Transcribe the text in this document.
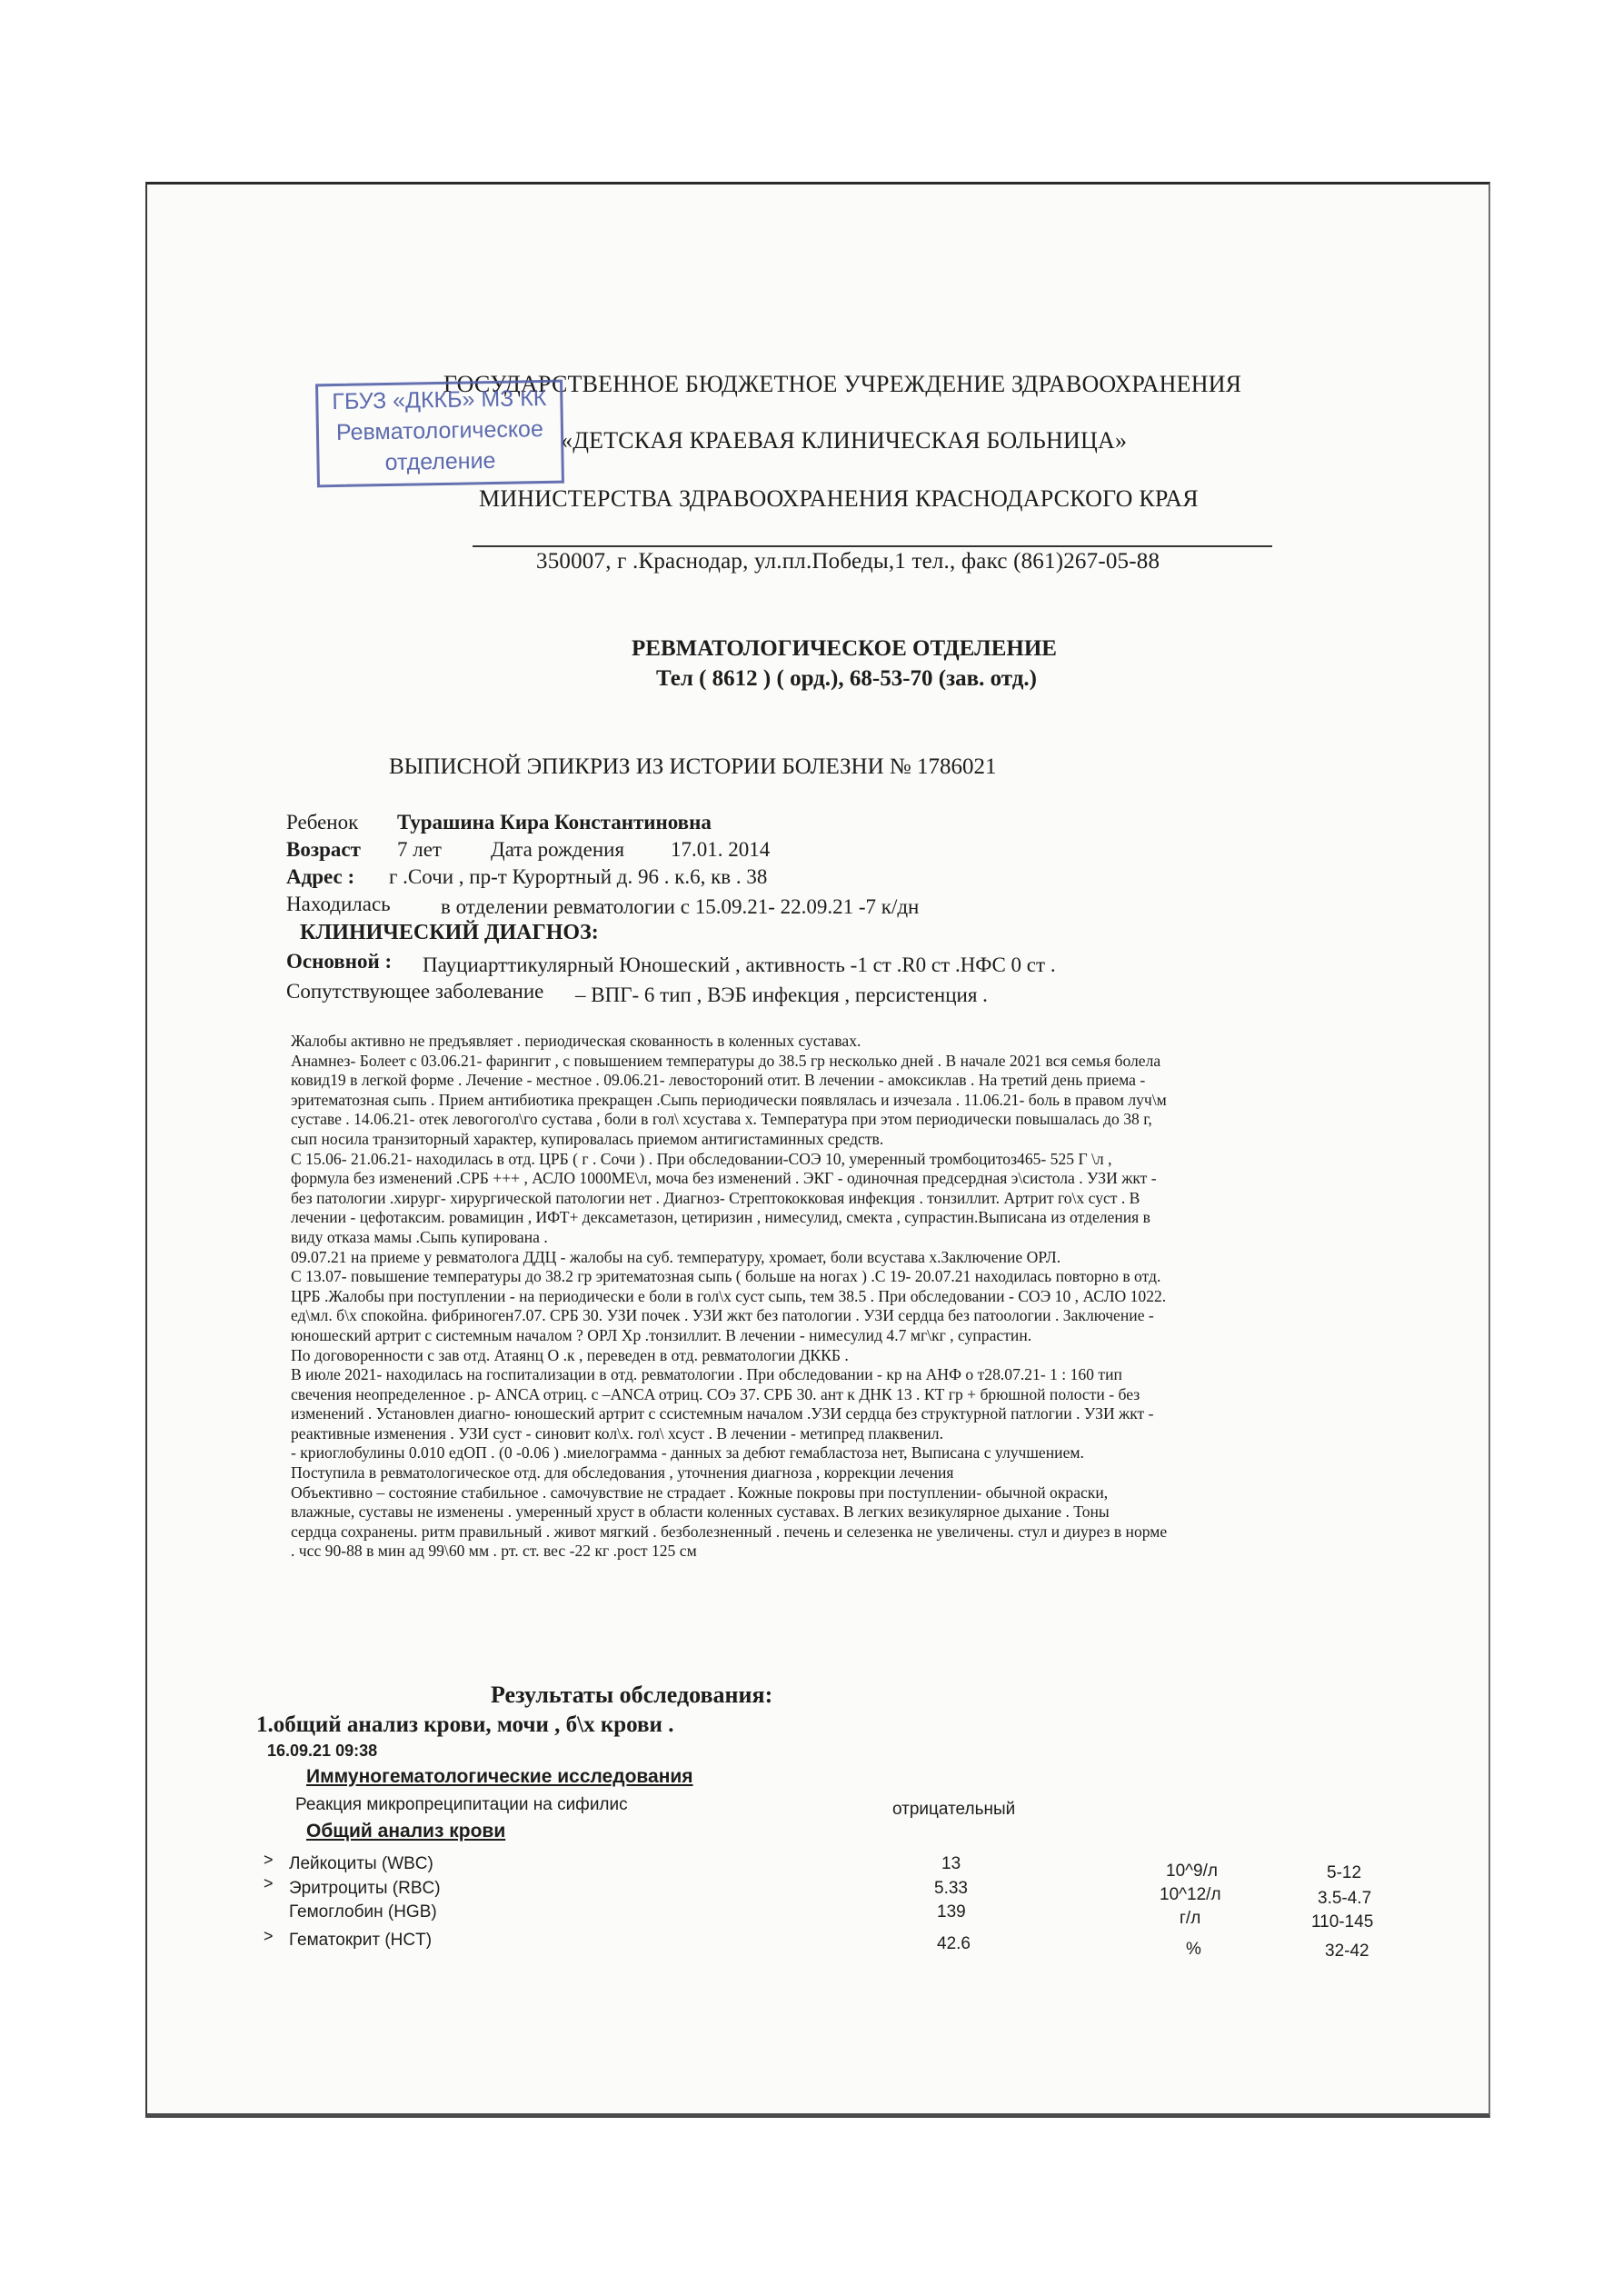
ГОСУДАРСТВЕННОЕ БЮДЖЕТНОЕ УЧРЕЖДЕНИЕ ЗДРАВООХРАНЕНИЯ
«ДЕТСКАЯ КРАЕВАЯ КЛИНИЧЕСКАЯ БОЛЬНИЦА»
МИНИСТЕРСТВА ЗДРАВООХРАНЕНИЯ КРАСНОДАРСКОГО КРАЯ
350007, г .Краснодар, ул.пл.Победы,1 тел., факс (861)267-05-88
ГБУЗ «ДККБ» МЗ КК
Ревматологическое
отделение
РЕВМАТОЛОГИЧЕСКОЕ ОТДЕЛЕНИЕ
Тел ( 8612 ) ( орд.), 68-53-70 (зав. отд.)
ВЫПИСНОЙ ЭПИКРИЗ ИЗ ИСТОРИИ БОЛЕЗНИ № 1786021
Ребенок Турашина Кира Константиновна
Возраст 7 лет Дата рождения 17.01. 2014
Адрес : г .Сочи , пр-т Курортный д. 96 . к.6, кв . 38
Находилась в отделении ревматологии с 15.09.21- 22.09.21 -7 к/дн
КЛИНИЧЕСКИЙ ДИАГНОЗ:
Основной : Пауциарттикулярный Юношеский , активность -1 ст .R0 ст .НФС 0 ст .
Сопутствующее заболевание – ВПГ- 6 тип , ВЭБ инфекция , персистенция .
Жалобы активно не предъявляет . периодическая скованность в коленных суставах.
Анамнез- Болеет с 03.06.21- фарингит , с повышением температуры до 38.5 гр несколько дней . В начале 2021 вся семья болела
ковид19 в легкой форме . Лечение - местное . 09.06.21- левостороний отит. В лечении - амоксиклав . На третий день приема -
эритематозная сыпь . Прием антибиотика прекращен .Сыпь периодически появлялась и изчезала . 11.06.21- боль в правом луч\м
суставе . 14.06.21- отек левогогол\го сустава , боли в гол\ хсустава х. Температура при этом периодически повышалась до 38 г,
сып носила транзиторный характер, купировалась приемом антигистаминных средств.
С 15.06- 21.06.21- находилась в отд. ЦРБ ( г . Сочи ) . При обследовании-СОЭ 10, умеренный тромбоцитоз465- 525 Г \л ,
формула без изменений .СРБ +++ , АСЛО 1000МЕ\л, моча без изменений . ЭКГ - одиночная предсердная э\систола . УЗИ жкт -
без патологии .хирург- хирургической патологии нет . Диагноз- Стрептококковая инфекция . тонзиллит. Артрит го\х суст . В
лечении - цефотаксим. ровамицин , ИФТ+ дексаметазон, цетиризин , нимесулид, смекта , супрастин.Выписана из отделения в
виду отказа мамы .Сыпь купирована .
09.07.21 на приеме у ревматолога ДДЦ - жалобы на суб. температуру, хромает, боли всустава х.Заключение ОРЛ.
С 13.07- повышение температуры до 38.2 гр эритематозная сыпь ( больше на ногах ) .С 19- 20.07.21 находилась повторно в отд.
ЦРБ .Жалобы при поступлении - на периодически е боли в гол\х суст сыпь, тем 38.5 . При обследовании - СОЭ 10 , АСЛО 1022.
ед\мл. б\х спокойна. фибриноген7.07. СРБ 30. УЗИ почек . УЗИ жкт без патологии . УЗИ сердца без патоологии . Заключение -
юношеский артрит с системным началом ? ОРЛ Хр .тонзиллит. В лечении - нимесулид 4.7 мг\кг , супрастин.
По договоренности с зав отд. Атаянц О .к , переведен в отд. ревматологии ДККБ .
В июле 2021- находилась на госпитализации в отд. ревматологии . При обследовании - кр на АНФ о т28.07.21- 1 : 160 тип
свечения неопределенное . р- ANCA отриц. с –ANCA отриц. СОэ 37. СРБ 30. ант к ДНК 13 . КТ гр + брюшной полости - без
изменений . Установлен диагно- юношеский артрит с ссистемным началом .УЗИ сердца без структурной патлогии . УЗИ жкт -
реактивные изменения . УЗИ суст - синовит кол\х. гол\ хсуст . В лечении - метипред плаквенил.
- криоглобулины 0.010 едОП . (0 -0.06 ) .миелограмма - данных за дебют гемабластоза нет, Выписана с улучшением.
Поступила в ревматологическое отд. для обследования , уточнения диагноза , коррекции лечения
Объективно – состояние стабильное . самочувствие не страдает . Кожные покровы при поступлении- обычной окраски,
влажные, суставы не изменены . умеренный хруст в области коленных суставах. В легких везикулярное дыхание . Тоны
сердца сохранены. ритм правильный . живот мягкий . безболезненный . печень и селезенка не увеличены. стул и диурез в норме
. чсс 90-88 в мин ад 99\60 мм . рт. ст. вес -22 кг .рост 125 см
Результаты обследования:
1.общий анализ крови, мочи , б\х крови .
16.09.21 09:38
Иммуногематологические исследования
Реакция микропреципитации на сифилис	отрицательный
Общий анализ крови
> Лейкоциты (WBC)	13	10^9/л	5-12
> Эритроциты (RBC)	5.33	10^12/л	3.5-4.7
Гемоглобин (HGB)	139	г/л	110-145
> Гематокрит (HCT)	42.6	%	32-42
